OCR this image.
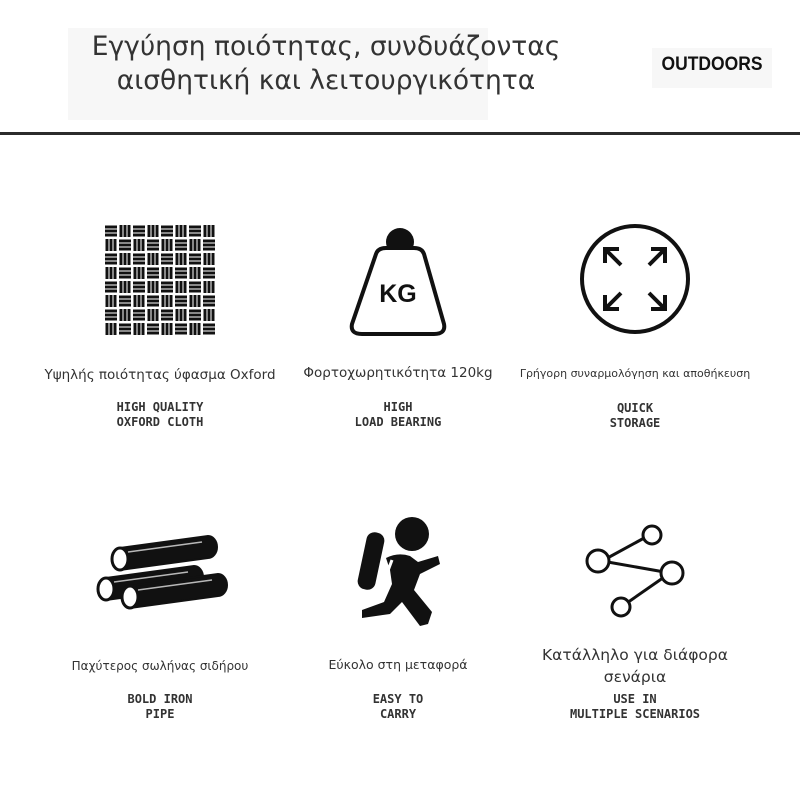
Εγγύηση ποιότητας, συνδυάζοντας
αισθητική και λειτουργικότητα
OUTDOORS
Υψηλής ποιότητας ύφασμα Oxford
HIGH QUALITY
OXFORD CLOTH
KG
Φορτοχωρητικότητα 120kg
HIGH
LOAD BEARING
Γρήγορη συναρμολόγηση και αποθήκευση
QUICK
STORAGE
Παχύτερος σωλήνας σιδήρου
BOLD IRON
PIPE
Εύκολο στη μεταφορά
EASY TO
CARRY
Κατάλληλο για διάφορα
σενάρια
USE IN
MULTIPLE SCENARIOS
